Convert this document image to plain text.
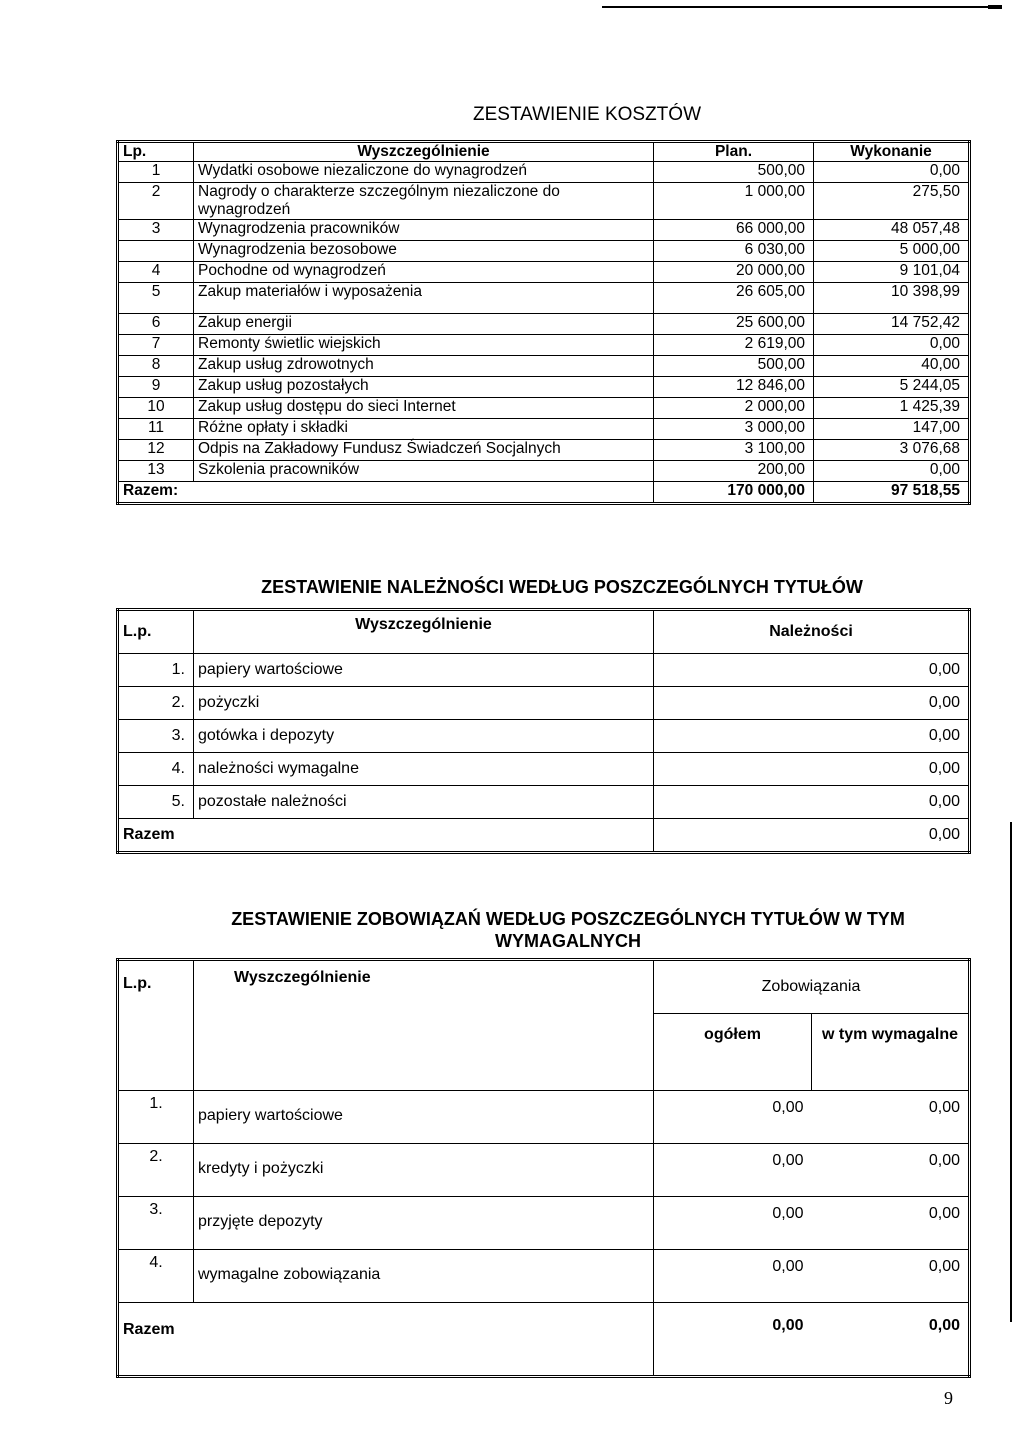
ZESTAWIENIE KOSZTÓW
Lp.	Wyszczególnienie	Plan.	Wykonanie
1	Wydatki osobowe niezaliczone do wynagrodzeń	500,00	0,00
2	Nagrody o charakterze szczególnym niezaliczone do wynagrodzeń	1 000,00	275,50
3	Wynagrodzenia pracowników	66 000,00	48 057,48
	Wynagrodzenia bezosobowe	6 030,00	5 000,00
4	Pochodne od wynagrodzeń	20 000,00	9 101,04
5	Zakup materiałów i wyposażenia	26 605,00	10 398,99
6	Zakup energii	25 600,00	14 752,42
7	Remonty świetlic wiejskich	2 619,00	0,00
8	Zakup usług zdrowotnych	500,00	40,00
9	Zakup usług pozostałych	12 846,00	5 244,05
10	Zakup usług dostępu do sieci Internet	2 000,00	1 425,39
11	Różne opłaty i składki	3 000,00	147,00
12	Odpis na Zakładowy Fundusz Świadczeń Socjalnych	3 100,00	3 076,68
13	Szkolenia pracowników	200,00	0,00
Razem:		170 000,00	97 518,55
ZESTAWIENIE NALEŻNOŚCI WEDŁUG POSZCZEGÓLNYCH TYTUŁÓW
L.p.	Wyszczególnienie	Należności
1.	papiery wartościowe	0,00
2.	pożyczki	0,00
3.	gotówka i depozyty	0,00
4.	należności wymagalne	0,00
5.	pozostałe należności	0,00
Razem		0,00
ZESTAWIENIE ZOBOWIĄZAŃ WEDŁUG POSZCZEGÓLNYCH TYTUŁÓW W TYM
WYMAGALNYCH
L.p.	Wyszczególnienie	Zobowiązania	
		ogółem	w tym wymagalne
1.	papiery wartościowe	0,00	0,00
2.	kredyty i pożyczki	0,00	0,00
3.	przyjęte depozyty	0,00	0,00
4.	wymagalne zobowiązania	0,00	0,00
Razem		0,00	0,00
9
